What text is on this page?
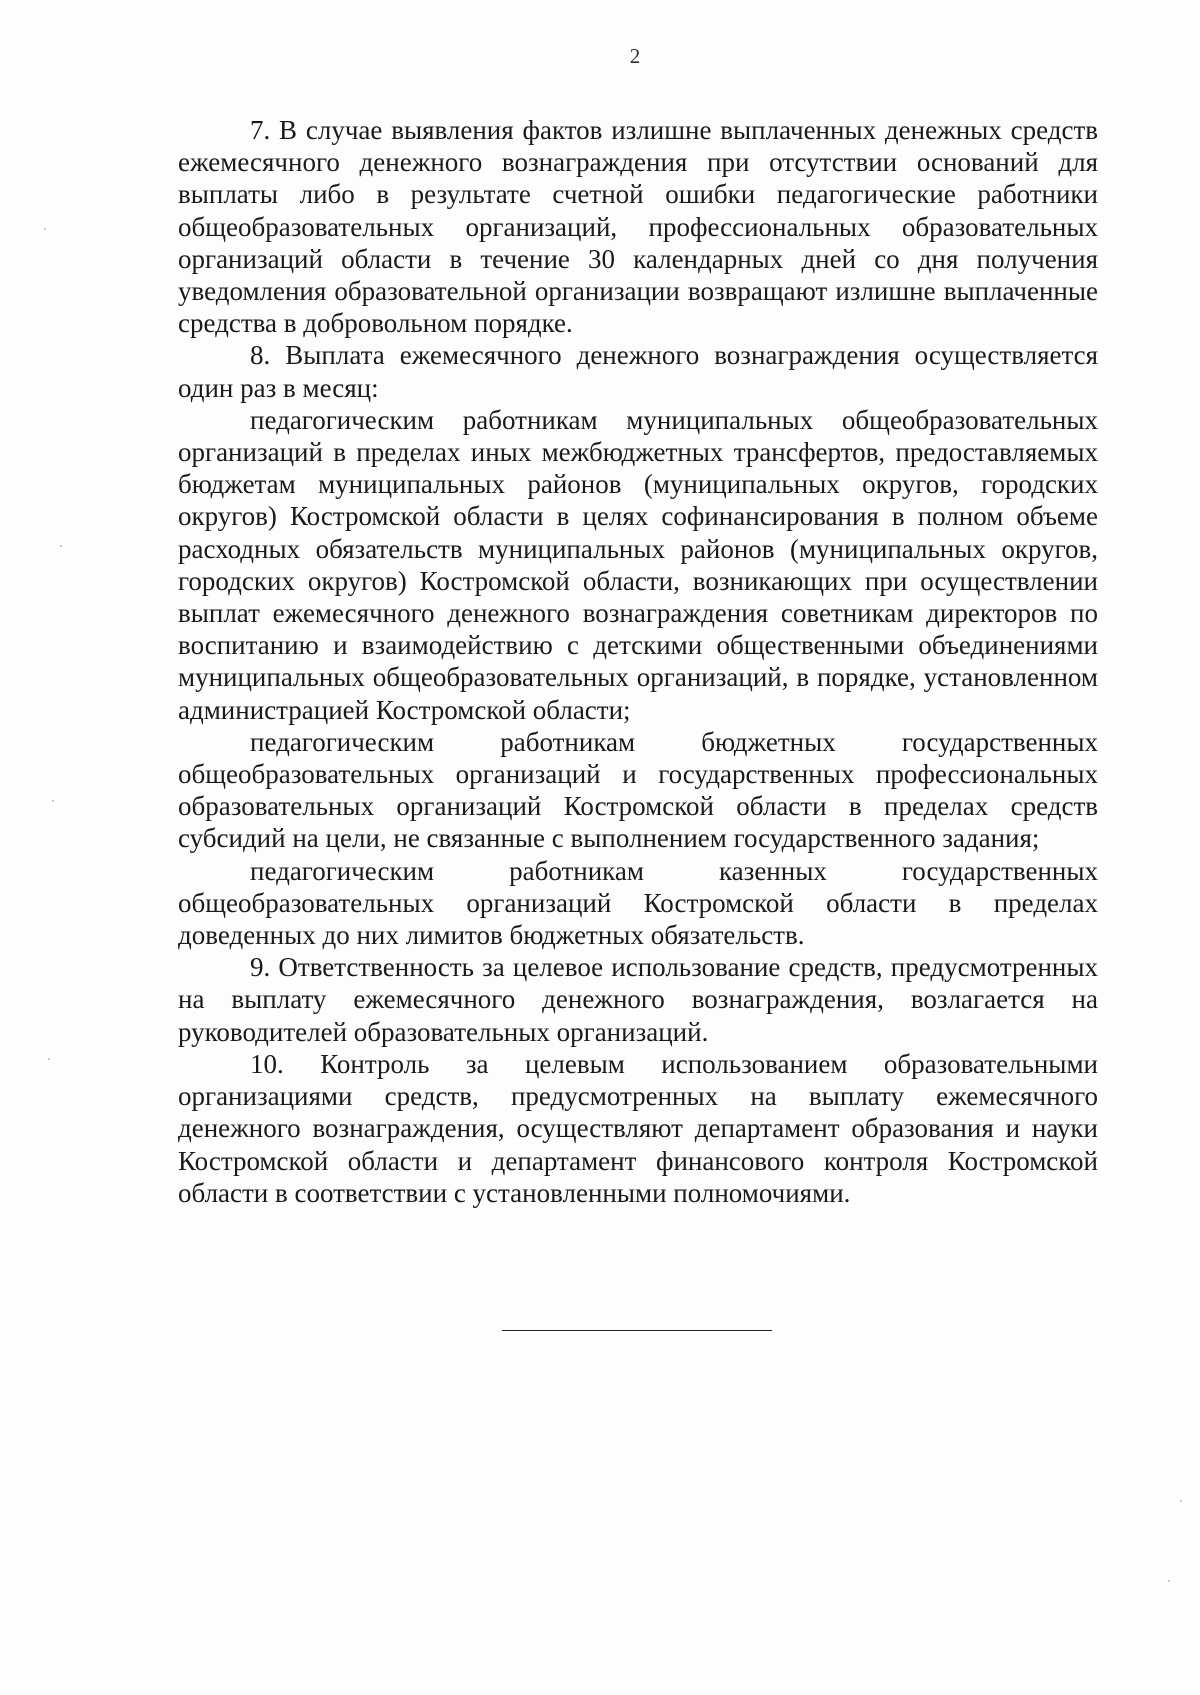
2

7. В случае выявления фактов излишне выплаченных денежных средств ежемесячного денежного вознаграждения при отсутствии оснований для выплаты либо в результате счетной ошибки педагогические работники общеобразовательных организаций, профессиональных образовательных организаций области в течение 30 календарных дней со дня получения уведомления образовательной организации возвращают излишне выплаченные средства в добровольном порядке.

8. Выплата ежемесячного денежного вознаграждения осуществляется один раз в месяц:

педагогическим работникам муниципальных общеобразовательных организаций в пределах иных межбюджетных трансфертов, предоставляемых бюджетам муниципальных районов (муниципальных округов, городских округов) Костромской области в целях софинансирования в полном объеме расходных обязательств муниципальных районов (муниципальных округов, городских округов) Костромской области, возникающих при осуществлении выплат ежемесячного денежного вознаграждения советникам директоров по воспитанию и взаимодействию с детскими общественными объединениями муниципальных общеобразовательных организаций, в порядке, установленном администрацией Костромской области;

педагогическим работникам бюджетных государственных общеобразовательных организаций и государственных профессиональных образовательных организаций Костромской области в пределах средств субсидий на цели, не связанные с выполнением государственного задания;

педагогическим работникам казенных государственных общеобразовательных организаций Костромской области в пределах доведенных до них лимитов бюджетных обязательств.

9. Ответственность за целевое использование средств, предусмотренных на выплату ежемесячного денежного вознаграждения, возлагается на руководителей образовательных организаций.

10. Контроль за целевым использованием образовательными организациями средств, предусмотренных на выплату ежемесячного денежного вознаграждения, осуществляют департамент образования и науки Костромской области и департамент финансового контроля Костромской области в соответствии с установленными полномочиями.
